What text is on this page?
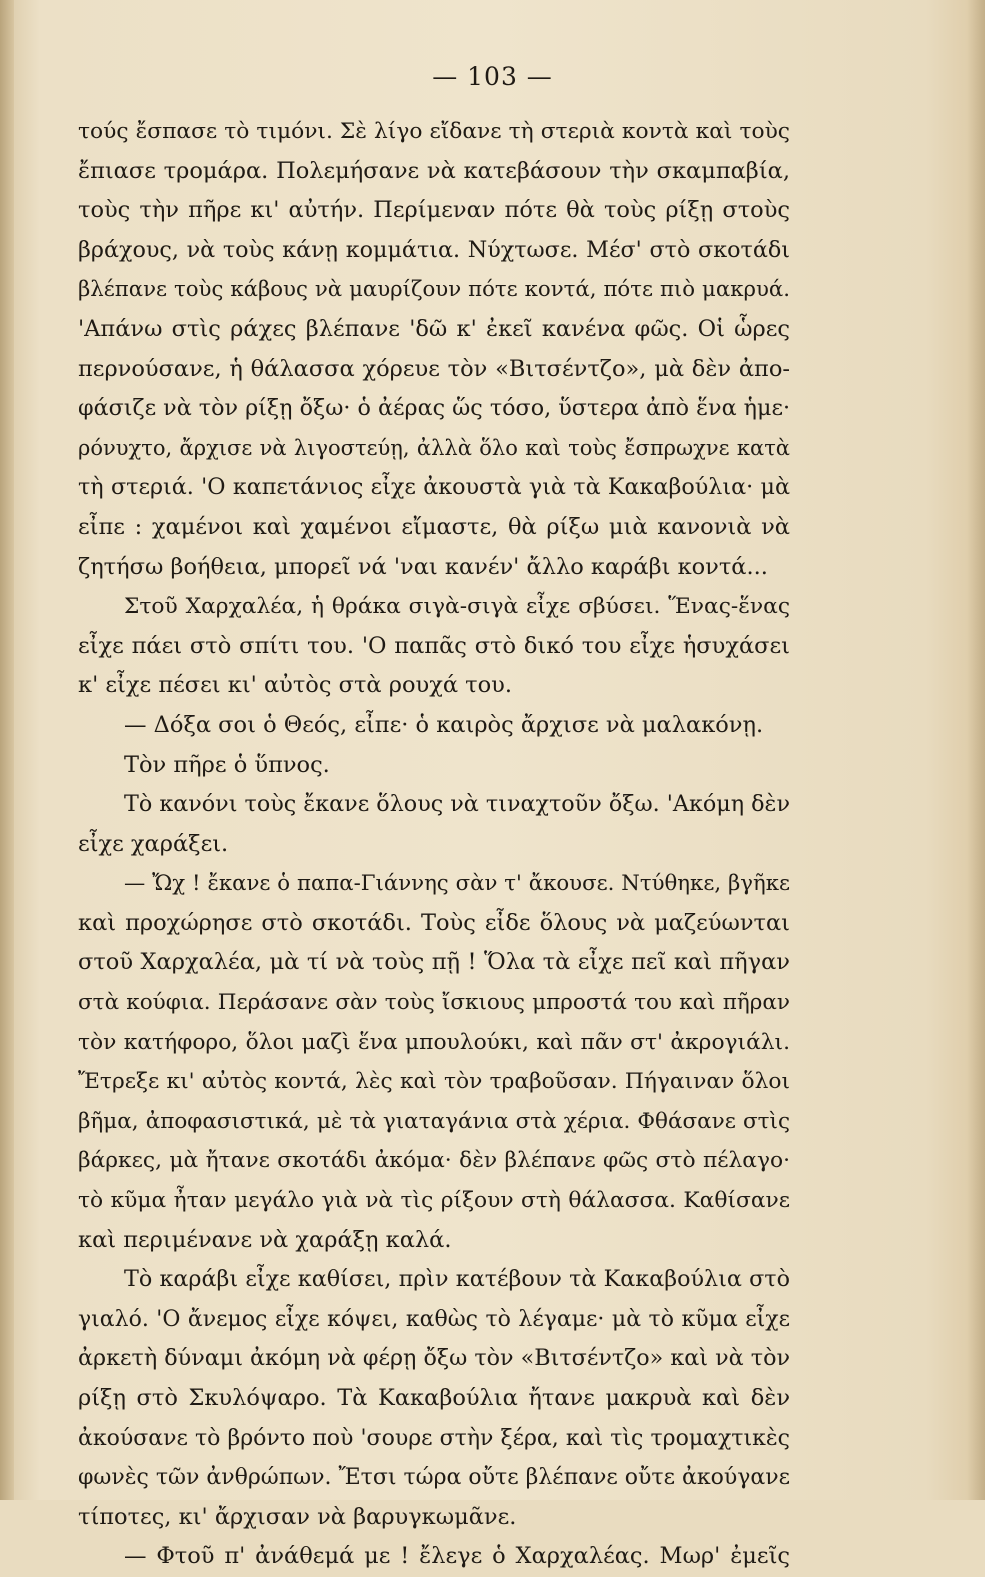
— 103 —
τούς ἔσπασε τὸ τιμόνι. Σὲ λίγο εἴδανε τὴ στεριὰ κοντὰ καὶ τοὺς
ἔπιασε τρομάρα. Πολεμήσανε νὰ κατεβάσουν τὴν σκαμπαβία,
τοὺς τὴν πῆρε κι' αὐτήν. Περίμεναν πότε θὰ τοὺς ρίξῃ στοὺς
βράχους, νὰ τοὺς κάνῃ κομμάτια. Νύχτωσε. Μέσ' στὸ σκοτάδι
βλέπανε τοὺς κάβους νὰ μαυρίζουν πότε κοντά, πότε πιὸ μακρυά.
'Απάνω στὶς ράχες βλέπανε 'δῶ κ' ἐκεῖ κανένα φῶς. Οἱ ὧρες
περνούσανε, ἡ θάλασσα χόρευε τὸν «Βιτσέντζο», μὰ δὲν ἀπο-
φάσιζε νὰ τὸν ρίξῃ ὄξω· ὁ ἀέρας ὥς τόσο, ὕστερα ἀπὸ ἕνα ἡμε·
ρόνυχτο, ἄρχισε νὰ λιγοστεύῃ, ἀλλὰ ὅλο καὶ τοὺς ἔσπρωχνε κατὰ
τὴ στεριά. 'Ο καπετάνιος εἶχε ἀκουστὰ γιὰ τὰ Κακαβούλια· μὰ
εἶπε : χαμένοι καὶ χαμένοι εἴμαστε, θὰ ρίξω μιὰ κανονιὰ νὰ
ζητήσω βοήθεια, μπορεῖ νά 'ναι κανέν' ἄλλο καράβι κοντά...
Στοῦ Χαρχαλέα, ἡ θράκα σιγὰ-σιγὰ εἶχε σβύσει. Ἕνας-ἕνας
εἶχε πάει στὸ σπίτι του. 'Ο παπᾶς στὸ δικό του εἶχε ἡσυχάσει
κ' εἶχε πέσει κι' αὐτὸς στὰ ρουχά του.
— Δόξα σοι ὁ Θεός, εἶπε· ὁ καιρὸς ἄρχισε νὰ μαλακόνῃ.
Τὸν πῆρε ὁ ὕπνος.
Τὸ κανόνι τοὺς ἔκανε ὅλους νὰ τιναχτοῦν ὄξω. 'Ακόμη δὲν
εἶχε χαράξει.
— Ὤχ ! ἔκανε ὁ παπα-Γιάννης σὰν τ' ἄκουσε. Ντύθηκε, βγῆκε
καὶ προχώρησε στὸ σκοτάδι. Τοὺς εἶδε ὅλους νὰ μαζεύωνται
στοῦ Χαρχαλέα, μὰ τί νὰ τοὺς πῇ ! Ὅλα τὰ εἶχε πεῖ καὶ πῆγαν
στὰ κούφια. Περάσανε σὰν τοὺς ἴσκιους μπροστά του καὶ πῆραν
τὸν κατήφορο, ὅλοι μαζὶ ἕνα μπουλούκι, καὶ πᾶν στ' ἀκρογιάλι.
Ἔτρεξε κι' αὐτὸς κοντά, λὲς καὶ τὸν τραβοῦσαν. Πήγαιναν ὅλοι
βῆμα, ἀποφασιστικά, μὲ τὰ γιαταγάνια στὰ χέρια. Φθάσανε στὶς
βάρκες, μὰ ἤτανε σκοτάδι ἀκόμα· δὲν βλέπανε φῶς στὸ πέλαγο·
τὸ κῦμα ἦταν μεγάλο γιὰ νὰ τὶς ρίξουν στὴ θάλασσα. Καθίσανε
καὶ περιμένανε νὰ χαράξῃ καλά.
Τὸ καράβι εἶχε καθίσει, πρὶν κατέβουν τὰ Κακαβούλια στὸ
γιαλό. 'Ο ἄνεμος εἶχε κόψει, καθὼς τὸ λέγαμε· μὰ τὸ κῦμα εἶχε
ἀρκετὴ δύναμι ἀκόμη νὰ φέρῃ ὄξω τὸν «Βιτσέντζο» καὶ νὰ τὸν
ρίξῃ στὸ Σκυλόψαρο. Τὰ Κακαβούλια ἤτανε μακρυὰ καὶ δὲν
ἀκούσανε τὸ βρόντο ποὺ 'σουρε στὴν ξέρα, καὶ τὶς τρομαχτικὲς
φωνὲς τῶν ἀνθρώπων. Ἔτσι τώρα οὔτε βλέπανε οὔτε ἀκούγανε
τίποτες, κι' ἄρχισαν νὰ βαρυγκωμᾶνε.
— Φτοῦ π' ἀνάθεμά με ! ἔλεγε ὁ Χαρχαλέας. Μωρ' ἐμεῖς
